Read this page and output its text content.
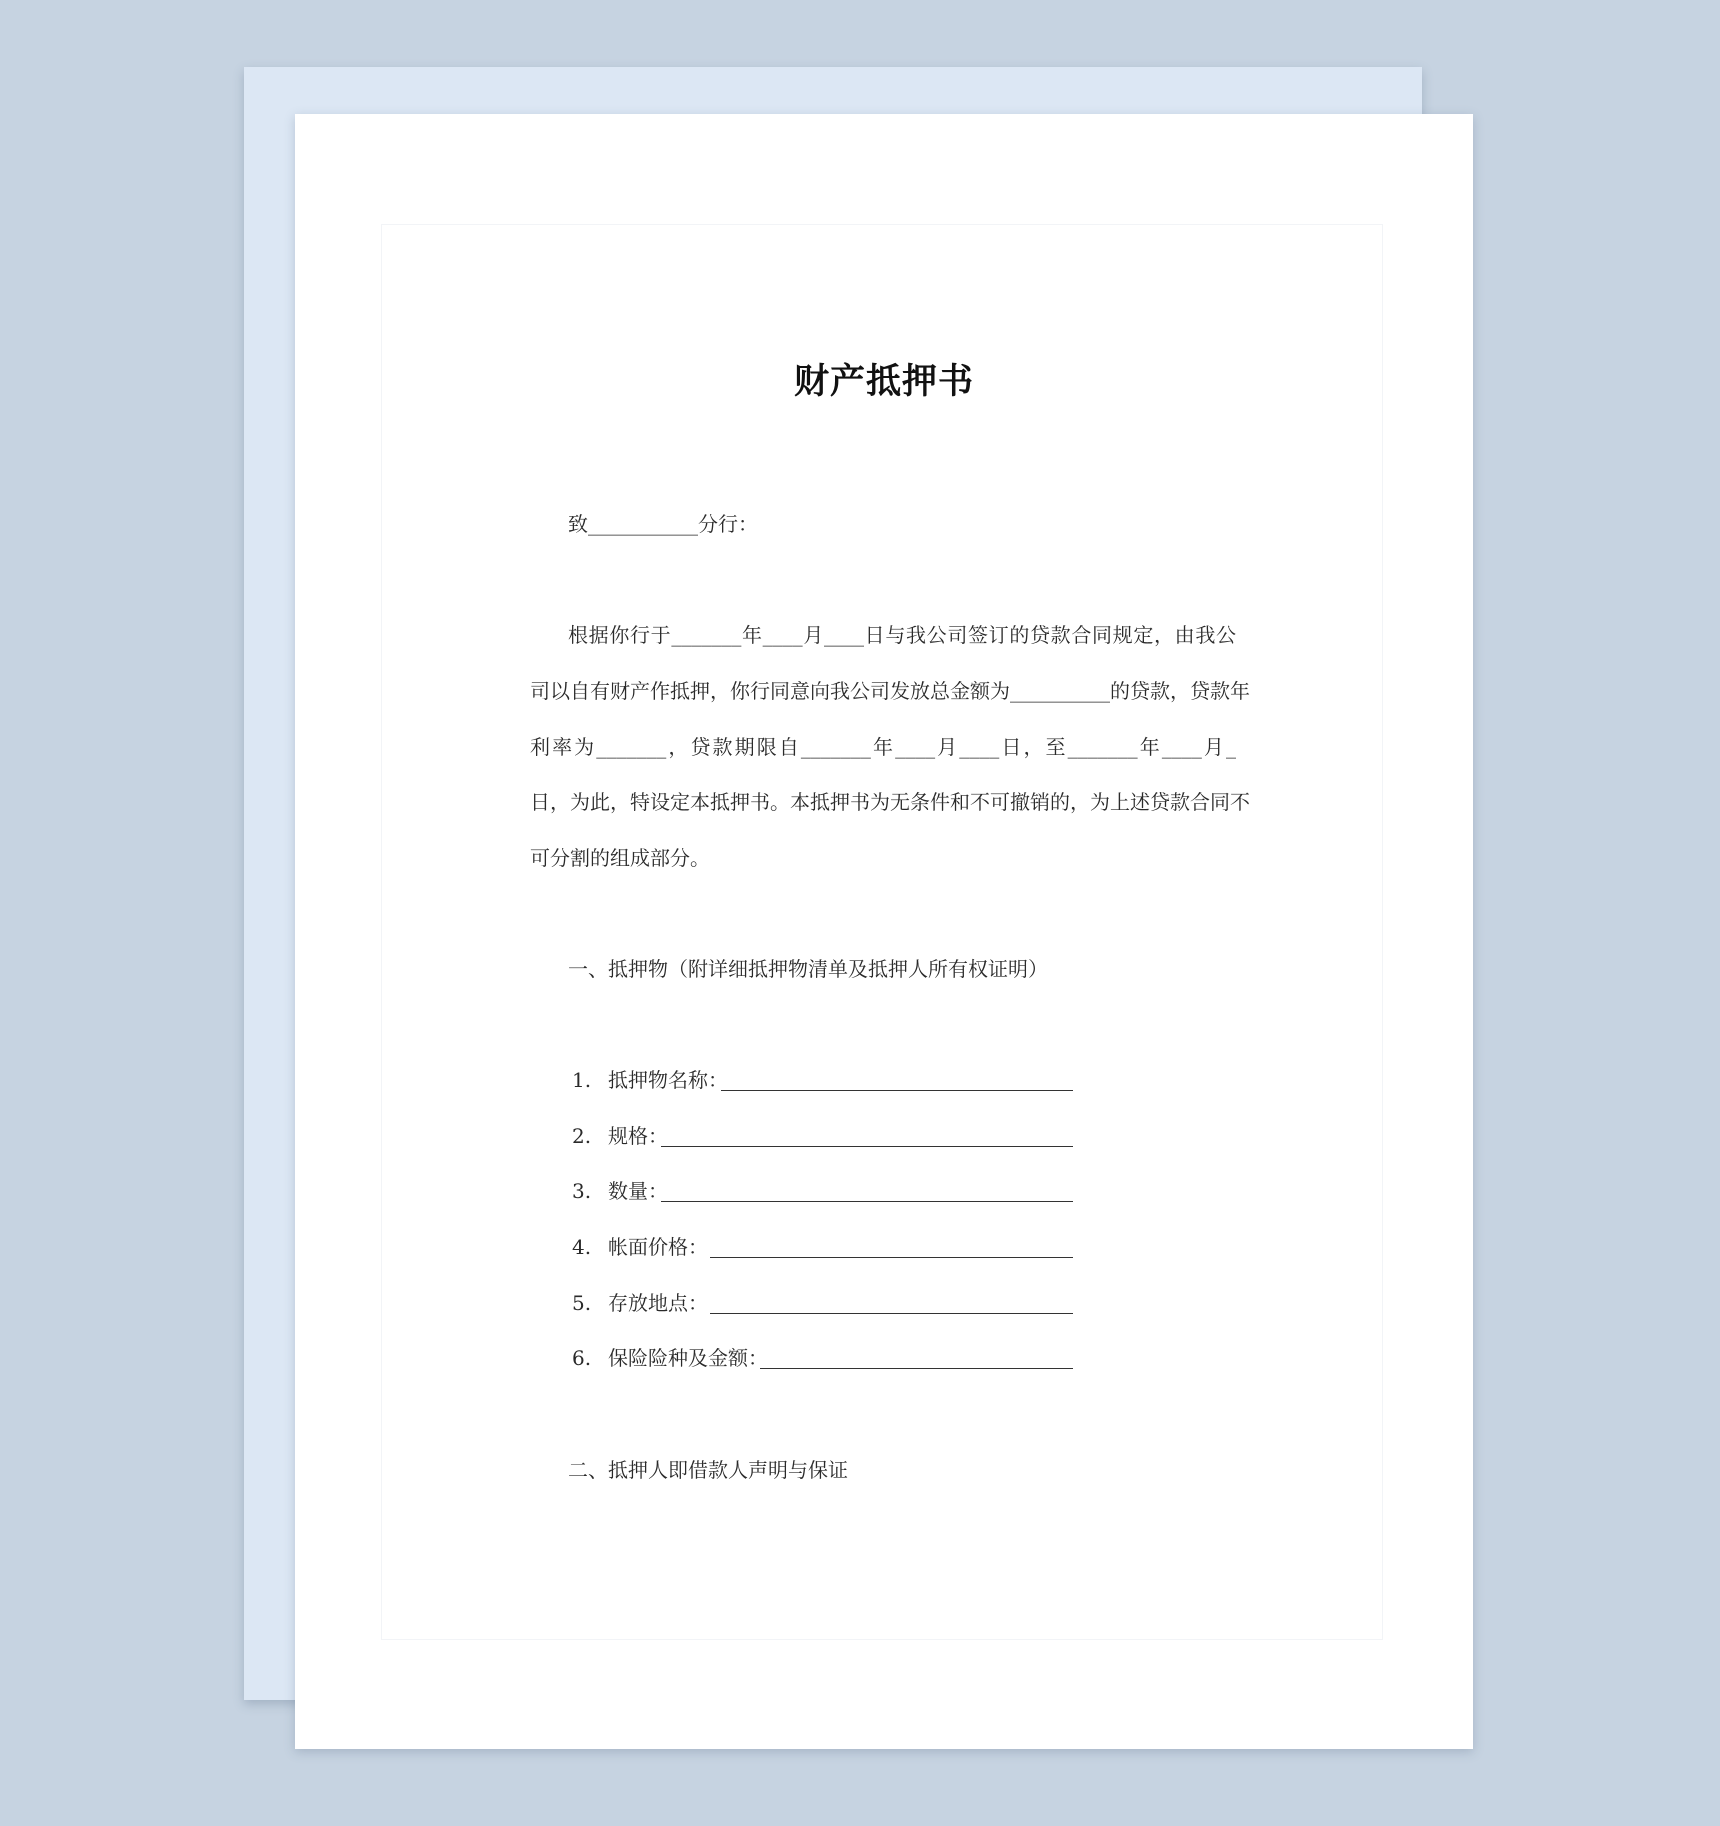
财产抵押书
致___________分行：
根据你行于_______年____月____日与我公司签订的贷款合同规定，由我公
司以自有财产作抵押，你行同意向我公司发放总金额为__________的贷款，贷款年
利率为_______，贷款期限自_______年____月____日，至_______年____月_
日，为此，特设定本抵押书。本抵押书为无条件和不可撤销的，为上述贷款合同不
可分割的组成部分。
一、抵押物（附详细抵押物清单及抵押人所有权证明）
1. 抵押物名称：
2. 规格：
3. 数量：
4. 帐面价格：
5. 存放地点：
6. 保险险种及金额：
二、抵押人即借款人声明与保证
